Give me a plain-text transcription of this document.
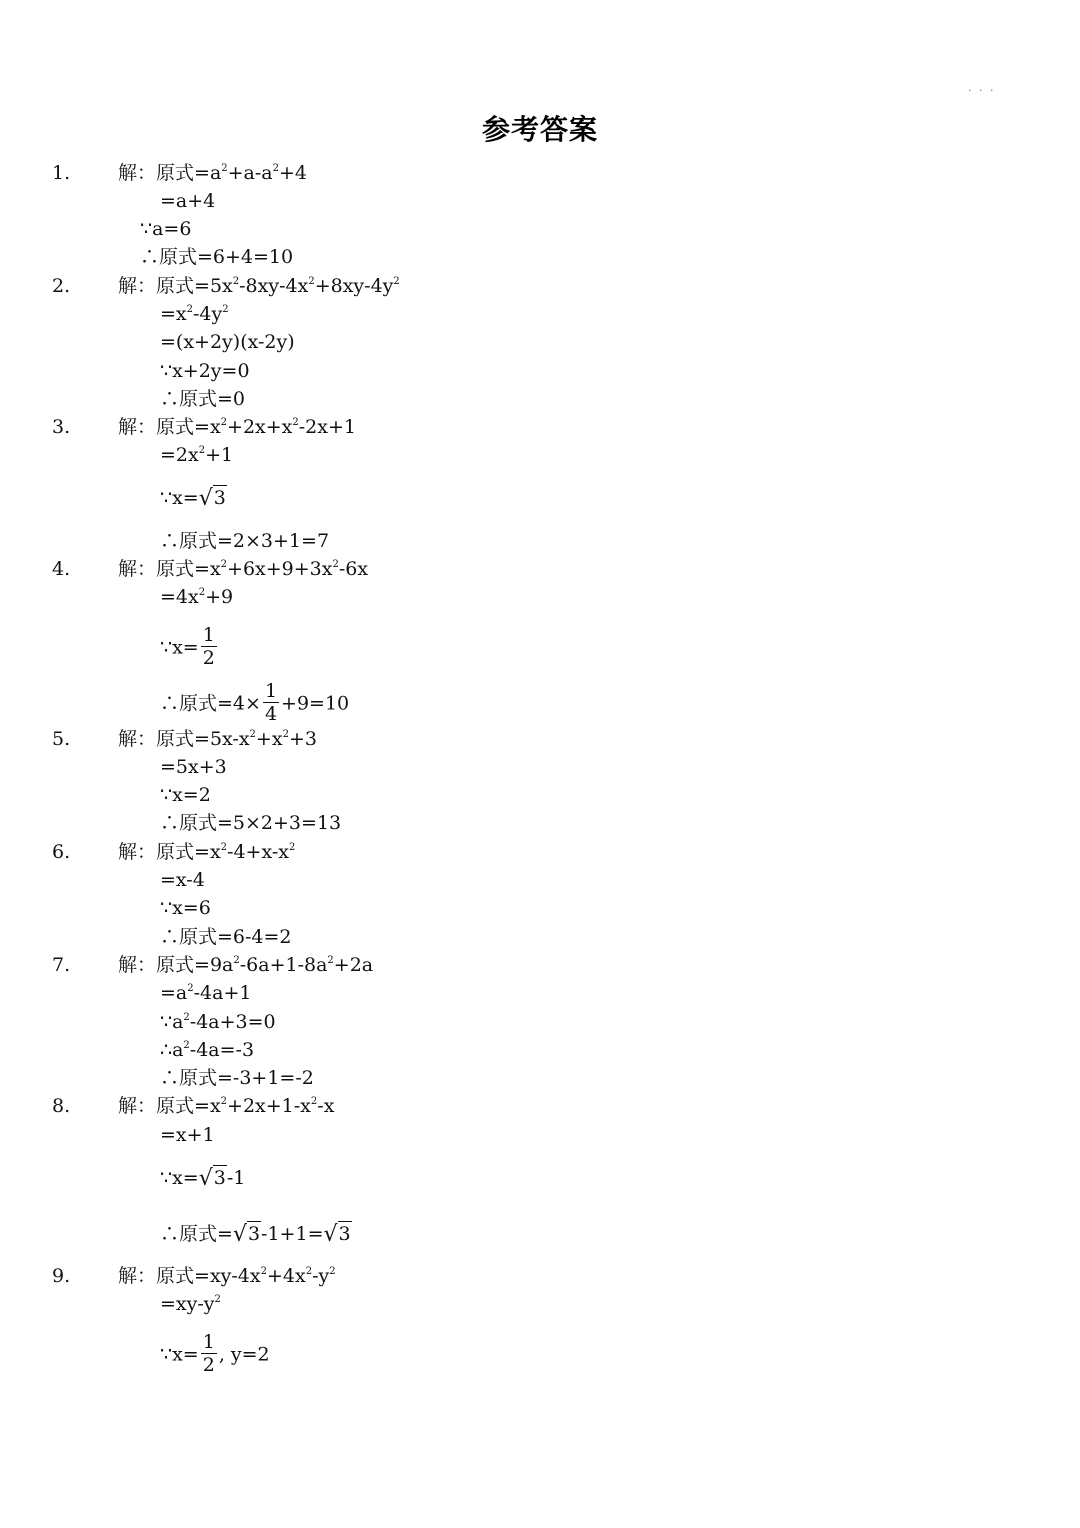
· · ·
参考答案
1.	解：原式$=a^2+a-a^2+4$
=a+4
∵a=6
∴原式=6+4=10
2.	解：原式$=5x^2-8xy-4x^2+8xy-4y^2$
$=x^2-4y^2$
=(x+2y)(x-2y)
∵x+2y=0
∴原式=0
3.	解：原式$=x^2+2x+x^2-2x+1$
$=2x^2+1$
∵x=√3
∴原式=2×3+1=7
4.	解：原式$=x^2+6x+9+3x^2-6x$
$=4x^2+9$
∵x= $\frac{1}{2}$
∴原式$=4\times \frac{1}{4} +9=10$
5.	解：原式$=5x-x^2+x^2+3$
=5x+3
∵x=2
∴原式=5×2+3=13
6.	解：原式$=x^2-4+x-x^2$
=x-4
∵x=6
∴原式=6-4=2
7.	解：原式$=9a^2-6a+1-8a^2+2a$
$=a^2-4a+1$
$\because a^2-4a+3=0$
$\therefore a^2-4a=-3$
∴原式=-3+1=-2
8.	解：原式$=x^2+2x+1-x^2-x$
=x+1
∵x=√3-1
∴原式=√3-1+1=√3
9.	解：原式$=xy-4x^2+4x^2-y^2$
$=xy-y^2$
∵x= $\frac{1}{2}$ , y=2
